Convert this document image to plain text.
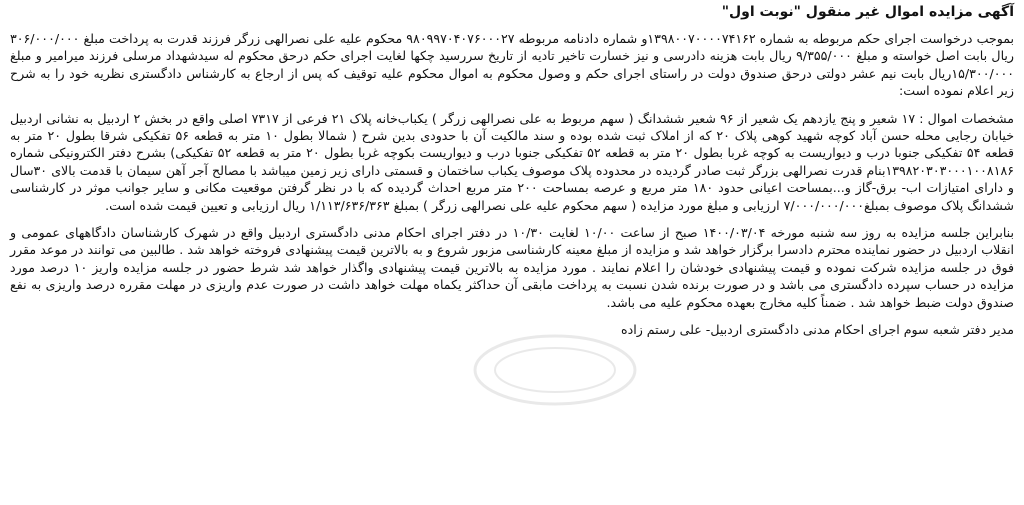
آگهی مزایده اموال غیر منقول "نوبت اول"

بموجب درخواست اجرای حکم مربوطه به شماره ۱۳۹۸۰۰۷۰۰۰۰۷۴۱۶۲و شماره دادنامه مربوطه ۹۸۰۹۹۷۰۴۰۷۶۰۰۰۲۷ محکوم علیه علی نصرالهی زرگر فرزند قدرت به پرداخت مبلغ ۳۰۶/۰۰۰/۰۰۰ ریال بابت اصل خواسته و مبلغ ۹/۳۵۵/۰۰۰ ریال بابت هزینه دادرسی و نیز خسارت تاخیر تادیه از تاریخ سررسید چکها لغایت اجرای حکم درحق محکوم له سیدشهداد مرسلی فرزند میرامیر و مبلغ ۱۵/۳۰۰/۰۰۰ریال بابت نیم عشر دولتی درحق صندوق دولت در راستای اجرای حکم و وصول محکوم به اموال محکوم علیه توقیف که پس از ارجاع به کارشناس دادگستری نظریه خود را به شرح زیر اعلام نموده است:

مشخصات اموال : ۱۷ شعیر و پنج یازدهم یک شعیر از ۹۶ شعیر ششدانگ ( سهم مربوط به علی نصرالهی زرگر ) یکباب‌خانه پلاک ۲۱ فرعی از ۷۳۱۷ اصلی واقع در بخش ۲ اردبیل به نشانی اردبیل خیابان رجایی محله حسن آباد کوچه شهید کوهی پلاک ۲۰ که از املاک ثبت شده بوده و سند مالکیت آن با حدودی بدین شرح ( شمالا بطول ۱۰ متر به قطعه ۵۶ تفکیکی شرقا بطول ۲۰ متر به قطعه ۵۴ تفکیکی جنوبا درب و دیواریست به کوچه غربا بطول ۲۰ متر به قطعه ۵۲ تفکیکی جنوبا درب و دیواریست بکوچه غربا بطول ۲۰ متر به قطعه ۵۲ تفکیکی) بشرح دفتر الکترونیکی شماره ۱۳۹۸۲۰۳۰۳۰۰۰۱۰۰۸۱۸۶بنام قدرت نصرالهی بزرگر ثبت صادر گردیده در محدوده پلاک موصوف یکباب ساختمان و قسمتی دارای زیر زمین میباشد با مصالح آجر آهن سیمان با قدمت بالای ۳۰سال و دارای امتیازات اب- برق-گاز و...بمساحت اعیانی حدود ۱۸۰ متر مربع و عرصه بمساحت ۲۰۰ متر مربع احداث گردیده که با در نظر گرفتن موقعیت مکانی و سایر جوانب موثر در کارشناسی ششدانگ پلاک موصوف بمبلغ۷/۰۰۰/۰۰۰/۰۰۰ ارزیابی و مبلغ مورد مزایده ( سهم محکوم علیه علی نصرالهی زرگر ) بمبلغ ۱/۱۱۳/۶۳۶/۳۶۳ ریال ارزیابی و تعیین قیمت شده است.

بنابراین جلسه مزایده به روز سه شنبه مورخه ۱۴۰۰/۰۳/۰۴ صبح از ساعت ۱۰/۰۰ لغایت ۱۰/۳۰ در دفتر اجرای احکام مدنی دادگستری اردبیل واقع در شهرک کارشناسان دادگاههای عمومی و انقلاب اردبیل در حضور نماینده محترم دادسرا برگزار خواهد شد و مزایده از مبلغ معینه کارشناسی مزبور شروع و به بالاترین قیمت پیشنهادی فروخته خواهد شد . طالبین می توانند در موعد مقرر فوق در جلسه مزایده شرکت نموده و قیمت پیشنهادی خودشان را اعلام نمایند . مورد مزایده به بالاترین قیمت پیشنهادی واگذار خواهد شد شرط حضور در جلسه مزایده واریز ۱۰ درصد مورد مزایده در حساب سپرده دادگستری می باشد و در صورت برنده شدن نسبت به پرداخت مابقی آن حداکثر یکماه مهلت خواهد داشت در صورت عدم واریزی در مهلت مقرره درصد واریزی به نفع صندوق دولت ضبط خواهد شد . ضمناً کلیه مخارج بعهده محکوم علیه می باشد.

مدیر دفتر شعبه سوم اجرای احکام مدنی دادگستری اردبیل- علی رستم زاده
